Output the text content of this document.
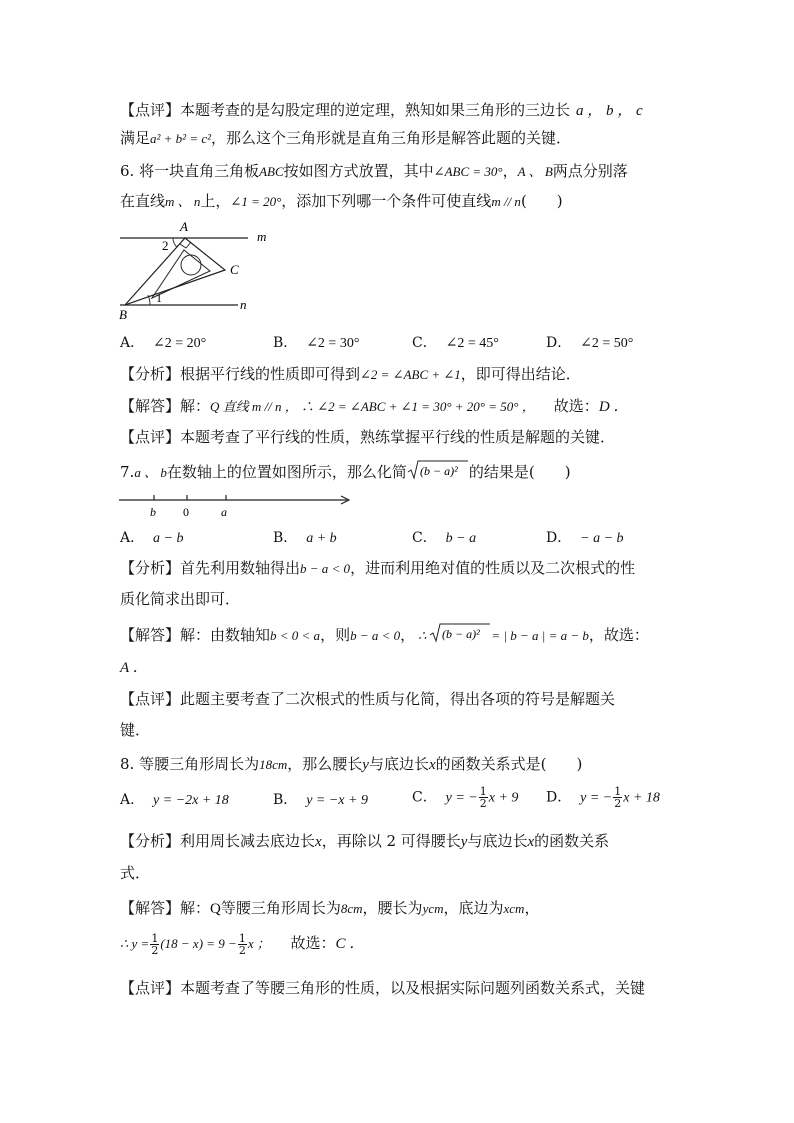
【点评】本题考查的是勾股定理的逆定理，熟知如果三角形的三边长 a ， b ， c
满足a² + b² = c²，那么这个三角形就是直角三角形是解答此题的关键．
6. 将一块直角三角板ABC按如图方式放置，其中∠ABC = 30°，A 、 B两点分别落
在直线m 、 n上，∠1 = 20°，添加下列哪一个条件可使直线m // n(　　)
A
2
C
1
m
n
B
A． ∠2 = 20°	B． ∠2 = 30°	C． ∠2 = 45°	D． ∠2 = 50°
【分析】根据平行线的性质即可得到∠2 = ∠ABC + ∠1，即可得出结论．
【解答】解：Q 直线 m // n ， ∴ ∠2 = ∠ABC + ∠1 = 30° + 20° = 50° ， 故选：D ．
【点评】本题考查了平行线的性质，熟练掌握平行线的性质是解题的关键．
7.a 、 b在数轴上的位置如图所示，那么化简 (b − a)² 的结果是(　　)
b 0	a
A． a − b	B． a + b	C． b − a	D． − a − b
【分析】首先利用数轴得出b − a < 0，进而利用绝对值的性质以及二次根式的性
质化简求出即可．
【解答】解：由数轴知b < 0 < a，则b − a < 0， ∴ (b − a)² = | b − a | = a − b，故选：
A ．
【点评】此题主要考查了二次根式的性质与化简，得出各项的符号是解题关
键．
8. 等腰三角形周长为18cm，那么腰长y与底边长x的函数关系式是(　　)
A． y = −2x + 18	B． y = −x + 9	C． y = − $\frac{1}{2}$ x + 9 D． y = − $\frac{1}{2}$ x + 18
【分析】利用周长减去底边长x，再除以 2 可得腰长y与底边长x的函数关系
式．
【解答】解：Q等腰三角形周长为8cm，腰长为ycm，底边为xcm，
∴ $y = \frac{1}{2} (18 - x) = 9 - \frac{1}{2}$ x ； 故选：C ．
【点评】本题考查了等腰三角形的性质，以及根据实际问题列函数关系式，关键
